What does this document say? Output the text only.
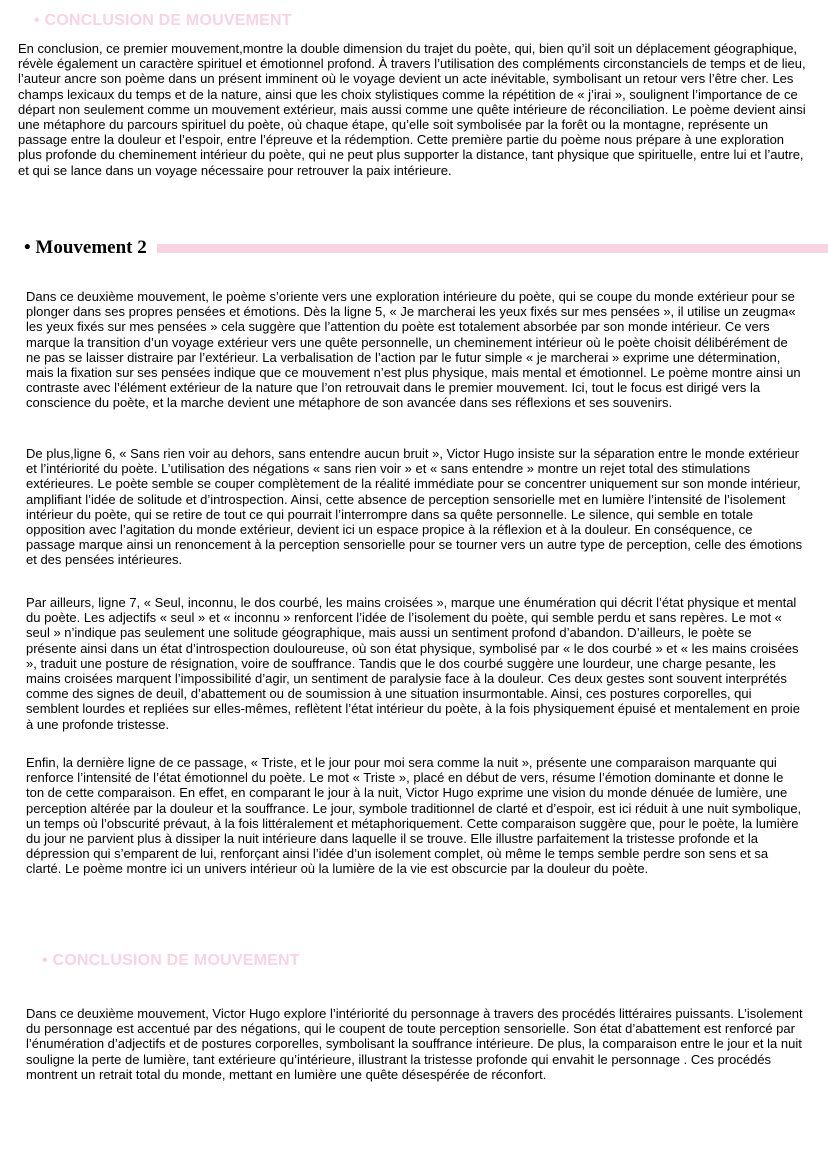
• CONCLUSION DE MOUVEMENT

En conclusion, ce premier mouvement,montre la double dimension du trajet du poète, qui, bien qu’il soit un déplacement géographique, révèle également un caractère spirituel et émotionnel profond. À travers l’utilisation des compléments circonstanciels de temps et de lieu, l’auteur ancre son poème dans un présent imminent où le voyage devient un acte inévitable, symbolisant un retour vers l’être cher. Les champs lexicaux du temps et de la nature, ainsi que les choix stylistiques comme la répétition de « j’irai », soulignent l’importance de ce départ non seulement comme un mouvement extérieur, mais aussi comme une quête intérieure de réconciliation. Le poème devient ainsi une métaphore du parcours spirituel du poète, où chaque étape, qu’elle soit symbolisée par la forêt ou la montagne, représente un passage entre la douleur et l’espoir, entre l’épreuve et la rédemption. Cette première partie du poème nous prépare à une exploration plus profonde du cheminement intérieur du poète, qui ne peut plus supporter la distance, tant physique que spirituelle, entre lui et l’autre, et qui se lance dans un voyage nécessaire pour retrouver la paix intérieure.

• Mouvement 2

Dans ce deuxième mouvement, le poème s’oriente vers une exploration intérieure du poète, qui se coupe du monde extérieur pour se plonger dans ses propres pensées et émotions. Dès la ligne 5, « Je marcherai les yeux fixés sur mes pensées », il utilise un zeugma« les yeux fixés sur mes pensées » cela suggère que l’attention du poète est totalement absorbée par son monde intérieur. Ce vers marque la transition d’un voyage extérieur vers une quête personnelle, un cheminement intérieur où le poète choisit délibérément de ne pas se laisser distraire par l’extérieur. La verbalisation de l’action par le futur simple « je marcherai » exprime une détermination, mais la fixation sur ses pensées indique que ce mouvement n’est plus physique, mais mental et émotionnel. Le poème montre ainsi un contraste avec l’élément extérieur de la nature que l’on retrouvait dans le premier mouvement. Ici, tout le focus est dirigé vers la conscience du poète, et la marche devient une métaphore de son avancée dans ses réflexions et ses souvenirs.

De plus,ligne 6, « Sans rien voir au dehors, sans entendre aucun bruit », Victor Hugo insiste sur la séparation entre le monde extérieur et l’intériorité du poète. L’utilisation des négations « sans rien voir » et « sans entendre » montre un rejet total des stimulations extérieures. Le poète semble se couper complètement de la réalité immédiate pour se concentrer uniquement sur son monde intérieur, amplifiant l’idée de solitude et d’introspection. Ainsi, cette absence de perception sensorielle met en lumière l’intensité de l’isolement intérieur du poète, qui se retire de tout ce qui pourrait l’interrompre dans sa quête personnelle. Le silence, qui semble en totale opposition avec l’agitation du monde extérieur, devient ici un espace propice à la réflexion et à la douleur. En conséquence, ce passage marque ainsi un renoncement à la perception sensorielle pour se tourner vers un autre type de perception, celle des émotions et des pensées intérieures.

Par ailleurs, ligne 7, « Seul, inconnu, le dos courbé, les mains croisées », marque une énumération qui décrit l’état physique et mental du poète. Les adjectifs « seul » et « inconnu » renforcent l’idée de l’isolement du poète, qui semble perdu et sans repères. Le mot « seul » n’indique pas seulement une solitude géographique, mais aussi un sentiment profond d’abandon. D’ailleurs, le poète se présente ainsi dans un état d’introspection douloureuse, où son état physique, symbolisé par « le dos courbé » et « les mains croisées », traduit une posture de résignation, voire de souffrance. Tandis que le dos courbé suggère une lourdeur, une charge pesante, les mains croisées marquent l’impossibilité d’agir, un sentiment de paralysie face à la douleur. Ces deux gestes sont souvent interprétés comme des signes de deuil, d’abattement ou de soumission à une situation insurmontable. Ainsi, ces postures corporelles, qui semblent lourdes et repliées sur elles-mêmes, reflètent l’état intérieur du poète, à la fois physiquement épuisé et mentalement en proie à une profonde tristesse.

Enfin, la dernière ligne de ce passage, « Triste, et le jour pour moi sera comme la nuit », présente une comparaison marquante qui renforce l’intensité de l’état émotionnel du poète. Le mot « Triste », placé en début de vers, résume l’émotion dominante et donne le ton de cette comparaison. En effet, en comparant le jour à la nuit, Victor Hugo exprime une vision du monde dénuée de lumière, une perception altérée par la douleur et la souffrance. Le jour, symbole traditionnel de clarté et d’espoir, est ici réduit à une nuit symbolique, un temps où l’obscurité prévaut, à la fois littéralement et métaphoriquement. Cette comparaison suggère que, pour le poète, la lumière du jour ne parvient plus à dissiper la nuit intérieure dans laquelle il se trouve. Elle illustre parfaitement la tristesse profonde et la dépression qui s’emparent de lui, renforçant ainsi l’idée d’un isolement complet, où même le temps semble perdre son sens et sa clarté. Le poème montre ici un univers intérieur où la lumière de la vie est obscurcie par la douleur du poète.

• CONCLUSION DE MOUVEMENT

Dans ce deuxième mouvement, Victor Hugo explore l’intériorité du personnage à travers des procédés littéraires puissants. L’isolement du personnage est accentué par des négations, qui le coupent de toute perception sensorielle. Son état d’abattement est renforcé par l’énumération d’adjectifs et de postures corporelles, symbolisant la souffrance intérieure. De plus, la comparaison entre le jour et la nuit souligne la perte de lumière, tant extérieure qu’intérieure, illustrant la tristesse profonde qui envahit le personnage . Ces procédés montrent un retrait total du monde, mettant en lumière une quête désespérée de réconfort.
